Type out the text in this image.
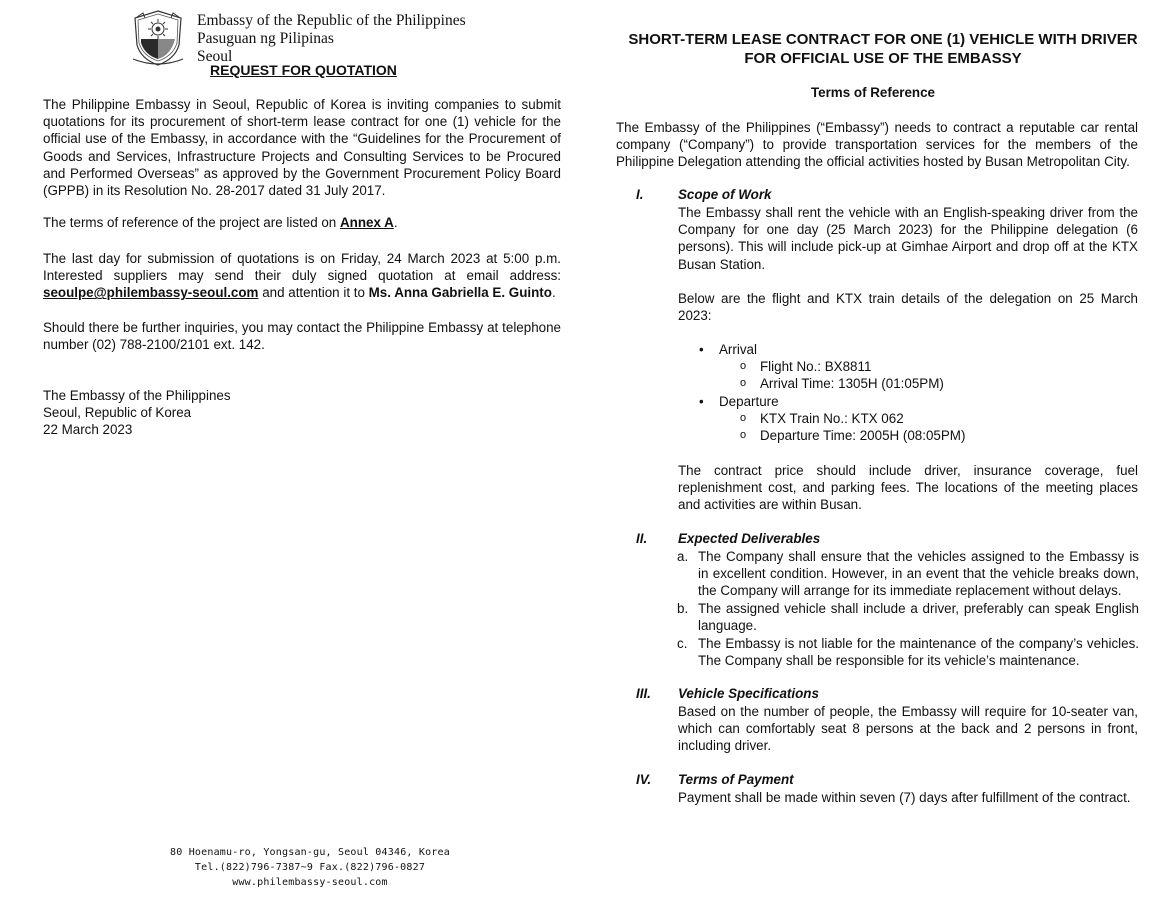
Embassy of the Republic of the Philippines
Pasuguan ng Pilipinas
Seoul
REQUEST FOR QUOTATION

The Philippine Embassy in Seoul, Republic of Korea is inviting companies to submit quotations for its procurement of short-term lease contract for one (1) vehicle for the official use of the Embassy, in accordance with the “Guidelines for the Procurement of Goods and Services, Infrastructure Projects and Consulting Services to be Procured and Performed Overseas” as approved by the Government Procurement Policy Board (GPPB) in its Resolution No. 28-2017 dated 31 July 2017.

The terms of reference of the project are listed on Annex A.

The last day for submission of quotations is on Friday, 24 March 2023 at 5:00 p.m. Interested suppliers may send their duly signed quotation at email address: seoulpe@philembassy-seoul.com and attention it to Ms. Anna Gabriella E. Guinto.

Should there be further inquiries, you may contact the Philippine Embassy at telephone number (02) 788-2100/2101 ext. 142.

The Embassy of the Philippines
Seoul, Republic of Korea
22 March 2023
80 Hoenamu-ro, Yongsan-gu, Seoul 04346, Korea
Tel.(822)796-7387~9 Fax.(822)796-0827
www.philembassy-seoul.com
SHORT-TERM LEASE CONTRACT FOR ONE (1) VEHICLE WITH DRIVER FOR OFFICIAL USE OF THE EMBASSY
Terms of Reference

The Embassy of the Philippines (“Embassy”) needs to contract a reputable car rental company (“Company”) to provide transportation services for the members of the Philippine Delegation attending the official activities hosted by Busan Metropolitan City.

I.	Scope of Work

The Embassy shall rent the vehicle with an English-speaking driver from the Company for one day (25 March 2023) for the Philippine delegation (6 persons). This will include pick-up at Gimhae Airport and drop off at the KTX Busan Station.

Below are the flight and KTX train details of the delegation on 25 March 2023:

• Arrival
o Flight No.: BX8811
o Arrival Time: 1305H (01:05PM)
• Departure
o KTX Train No.: KTX 062
o Departure Time: 2005H (08:05PM)

The contract price should include driver, insurance coverage, fuel replenishment cost, and parking fees. The locations of the meeting places and activities are within Busan.

II. Expected Deliverables
a. The Company shall ensure that the vehicles assigned to the Embassy is in excellent condition. However, in an event that the vehicle breaks down, the Company will arrange for its immediate replacement without delays.
b. The assigned vehicle shall include a driver, preferably can speak English language.
c. The Embassy is not liable for the maintenance of the company’s vehicles. The Company shall be responsible for its vehicle’s maintenance.
III. Vehicle Specifications

Based on the number of people, the Embassy will require for 10-seater van, which can comfortably seat 8 persons at the back and 2 persons in front, including driver.

IV. Terms of Payment

Payment shall be made within seven (7) days after fulfillment of the contract.
